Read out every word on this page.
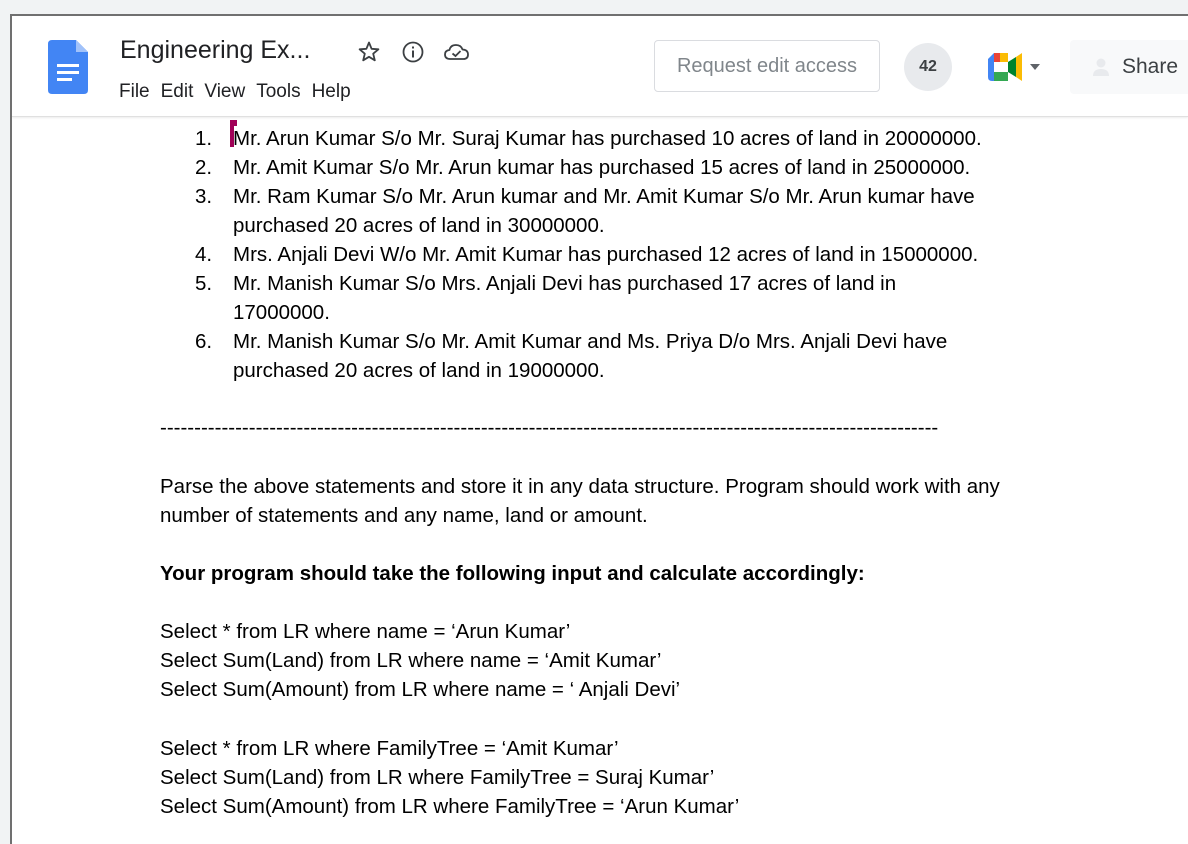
Engineering Ex...
File Edit View Tools Help
Request edit access	42	Share
1.	Mr. Arun Kumar S/o Mr. Suraj Kumar has purchased 10 acres of land in 20000000.
2.	Mr. Amit Kumar S/o Mr. Arun kumar has purchased 15 acres of land in 25000000.
3.	Mr. Ram Kumar S/o Mr. Arun kumar and Mr. Amit Kumar S/o Mr. Arun kumar have purchased 20 acres of land in 30000000.
4.	Mrs. Anjali Devi W/o Mr. Amit Kumar has purchased 12 acres of land in 15000000.
5.	Mr. Manish Kumar S/o Mrs. Anjali Devi has purchased 17 acres of land in 17000000.
6.	Mr. Manish Kumar S/o Mr. Amit Kumar and Ms. Priya D/o Mrs. Anjali Devi have purchased 20 acres of land in 19000000.
------------------------------------------------------------------------------------------------------------------
Parse the above statements and store it in any data structure. Program should work with any
number of statements and any name, land or amount.
Your program should take the following input and calculate accordingly:
Select * from LR where name = ‘Arun Kumar’
Select Sum(Land) from LR where name = ‘Amit Kumar’
Select Sum(Amount) from LR where name = ‘ Anjali Devi’
Select * from LR where FamilyTree = ‘Amit Kumar’
Select Sum(Land) from LR where FamilyTree = Suraj Kumar’
Select Sum(Amount) from LR where FamilyTree = ‘Arun Kumar’
